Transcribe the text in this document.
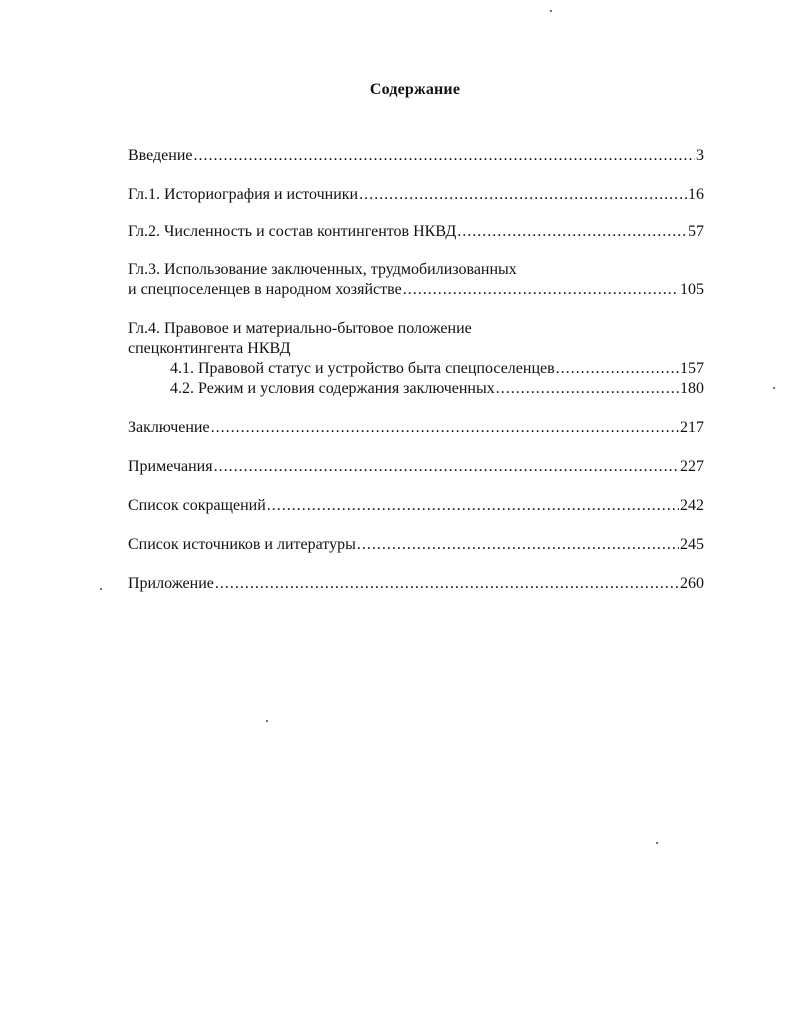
Содержание
Введение .....	3
Гл.1. Историография и источники .....	16
Гл.2. Численность и состав контингентов НКВД .....	57
Гл.3. Использование заключенных, трудмобилизованных
и спецпоселенцев в народном хозяйстве .....	105
Гл.4. Правовое и материально-бытовое положение
спецконтингента НКВД
4.1. Правовой статус и устройство быта спецпоселенцев .....	157
4.2. Режим и условия содержания заключенных .....	180
Заключение .....	217
Примечания .....	227
Список сокращений .....	242
Список источников и литературы .....	245
Приложение .....	260
